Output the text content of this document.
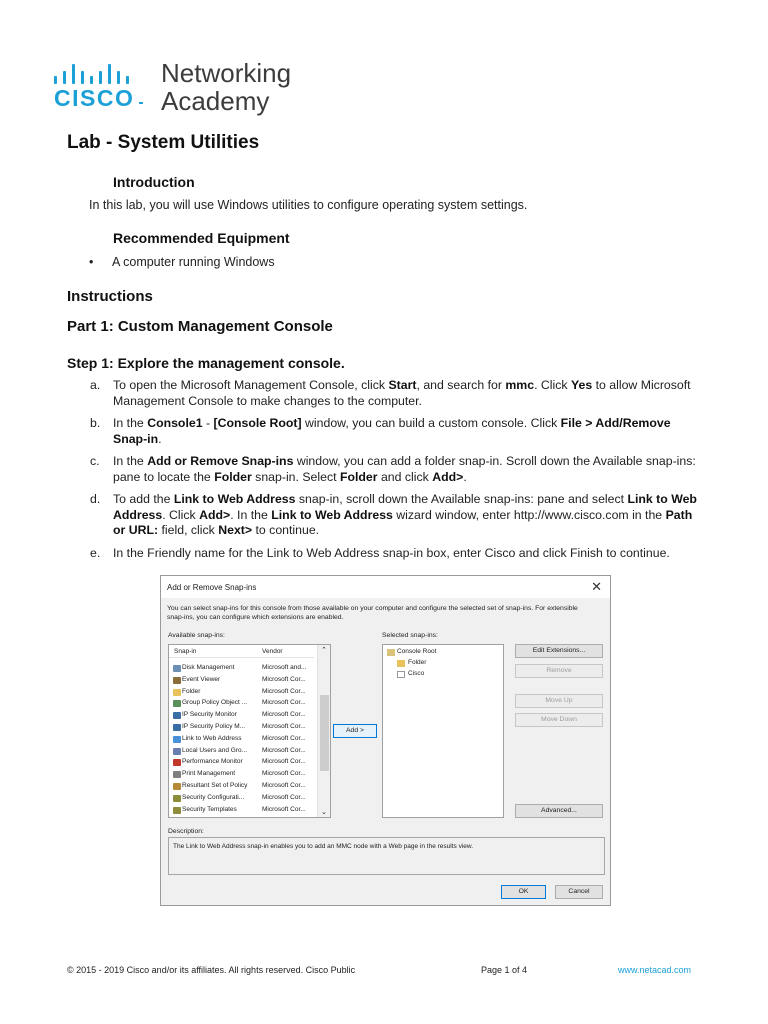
CISCO
Networking
Academy
Lab - System Utilities
Introduction
In this lab, you will use Windows utilities to configure operating system settings.
Recommended Equipment
• A computer running Windows
Instructions
Part 1: Custom Management Console
Step 1: Explore the management console.
a. To open the Microsoft Management Console, click Start, and search for mmc. Click Yes to allow Microsoft Management Console to make changes to the computer.
b. In the Console1 - [Console Root] window, you can build a custom console. Click File > Add/Remove Snap-in.
c. In the Add or Remove Snap-ins window, you can add a folder snap-in. Scroll down the Available snap-ins: pane to locate the Folder snap-in. Select Folder and click Add>.
d. To add the Link to Web Address snap-in, scroll down the Available snap-ins: pane and select Link to Web Address. Click Add>. In the Link to Web Address wizard window, enter http://www.cisco.com in the Path or URL: field, click Next> to continue.
e. In the Friendly name for the Link to Web Address snap-in box, enter Cisco and click Finish to continue.
Add or Remove Snap-ins	✕
You can select snap-ins for this console from those available on your computer and configure the selected set of snap-ins. For extensible snap-ins, you can configure which extensions are enabled.
Available snap-ins:	Selected snap-ins:
Snap-in	Vendor
Disk Management	Microsoft and...
Event Viewer	Microsoft Cor...
Folder	Microsoft Cor...
Group Policy Object ...	Microsoft Cor...
IP Security Monitor	Microsoft Cor...
IP Security Policy M...	Microsoft Cor...
Link to Web Address	Microsoft Cor...
Local Users and Gro...	Microsoft Cor...
Performance Monitor	Microsoft Cor...
Print Management	Microsoft Cor...
Resultant Set of Policy	Microsoft Cor...
Security Configurati...	Microsoft Cor...
Security Templates	Microsoft Cor...
⌃
⌄
Add >
Console Root
Folder
Cisco
Edit Extensions...
Remove
Move Up
Move Down
Advanced...
Description:
The Link to Web Address snap-in enables you to add an MMC node with a Web page in the results view.
OK	Cancel
© 2015 - 2019 Cisco and/or its affiliates. All rights reserved. Cisco Public	Page 1 of 4	www.netacad.com
